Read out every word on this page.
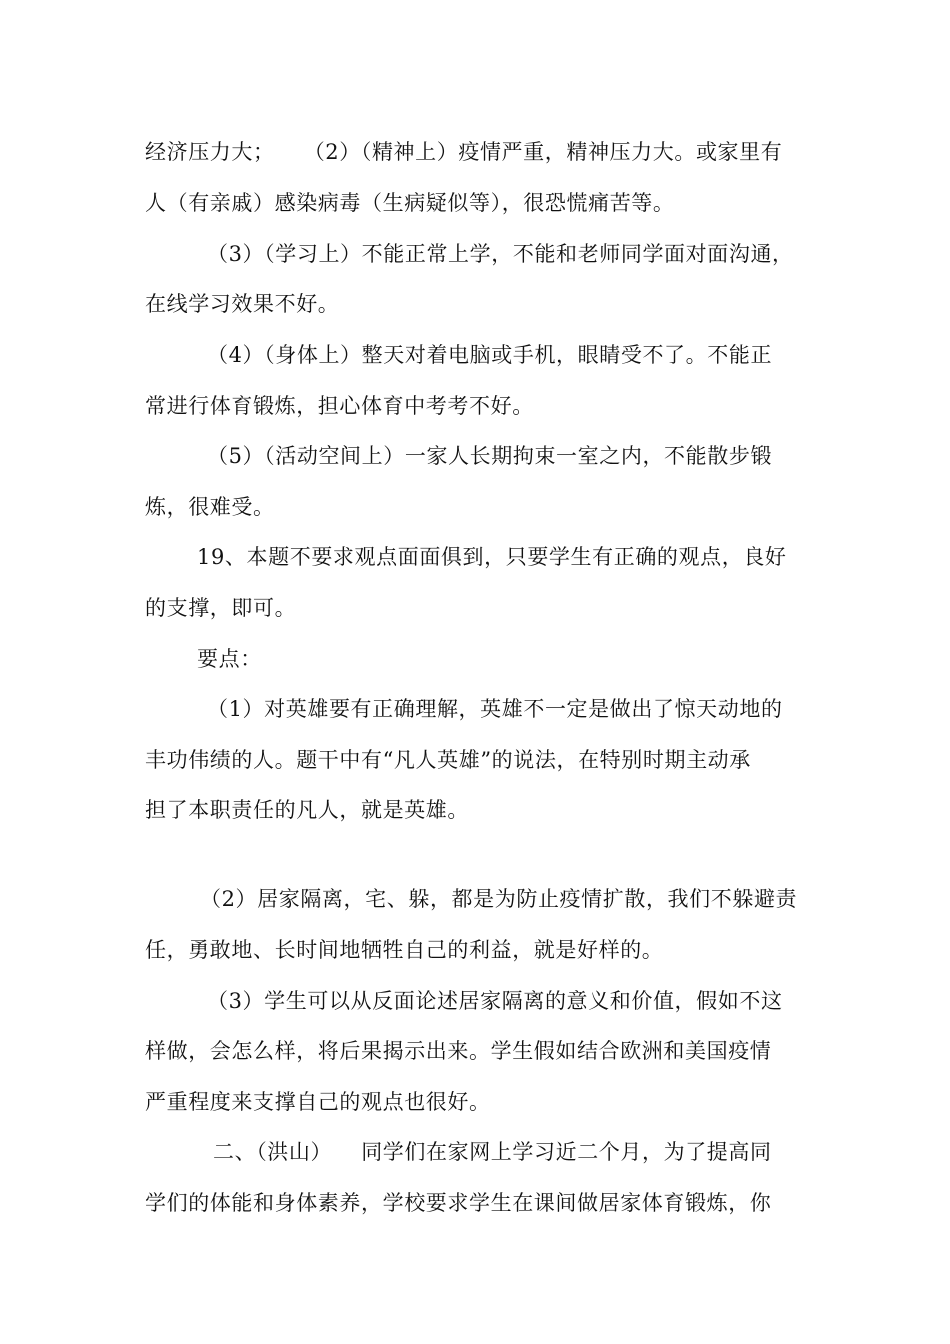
经济压力大；    （2）（精神上）疫情严重，精神压力大。或家里有
人（有亲戚）感染病毒（生病疑似等），很恐慌痛苦等。
（3）（学习上）不能正常上学，不能和老师同学面对面沟通，
在线学习效果不好。
（4）（身体上）整天对着电脑或手机，眼睛受不了。不能正
常进行体育锻炼，担心体育中考考不好。
（5）（活动空间上）一家人长期拘束一室之内，不能散步锻
炼，很难受。
19、本题不要求观点面面俱到，只要学生有正确的观点，良好
的支撑，即可。
要点：
（1）对英雄要有正确理解，英雄不一定是做出了惊天动地的
丰功伟绩的人。题干中有“凡人英雄”的说法，在特别时期主动承
担了本职责任的凡人，就是英雄。
（2）居家隔离，宅、躲，都是为防止疫情扩散，我们不躲避责
任，勇敢地、长时间地牺牲自己的利益，就是好样的。
（3）学生可以从反面论述居家隔离的意义和价值，假如不这
样做，会怎么样，将后果揭示出来。学生假如结合欧洲和美国疫情
严重程度来支撑自己的观点也很好。
二、（洪山）    同学们在家网上学习近二个月，为了提高同
学们的体能和身体素养，学校要求学生在课间做居家体育锻炼，你
